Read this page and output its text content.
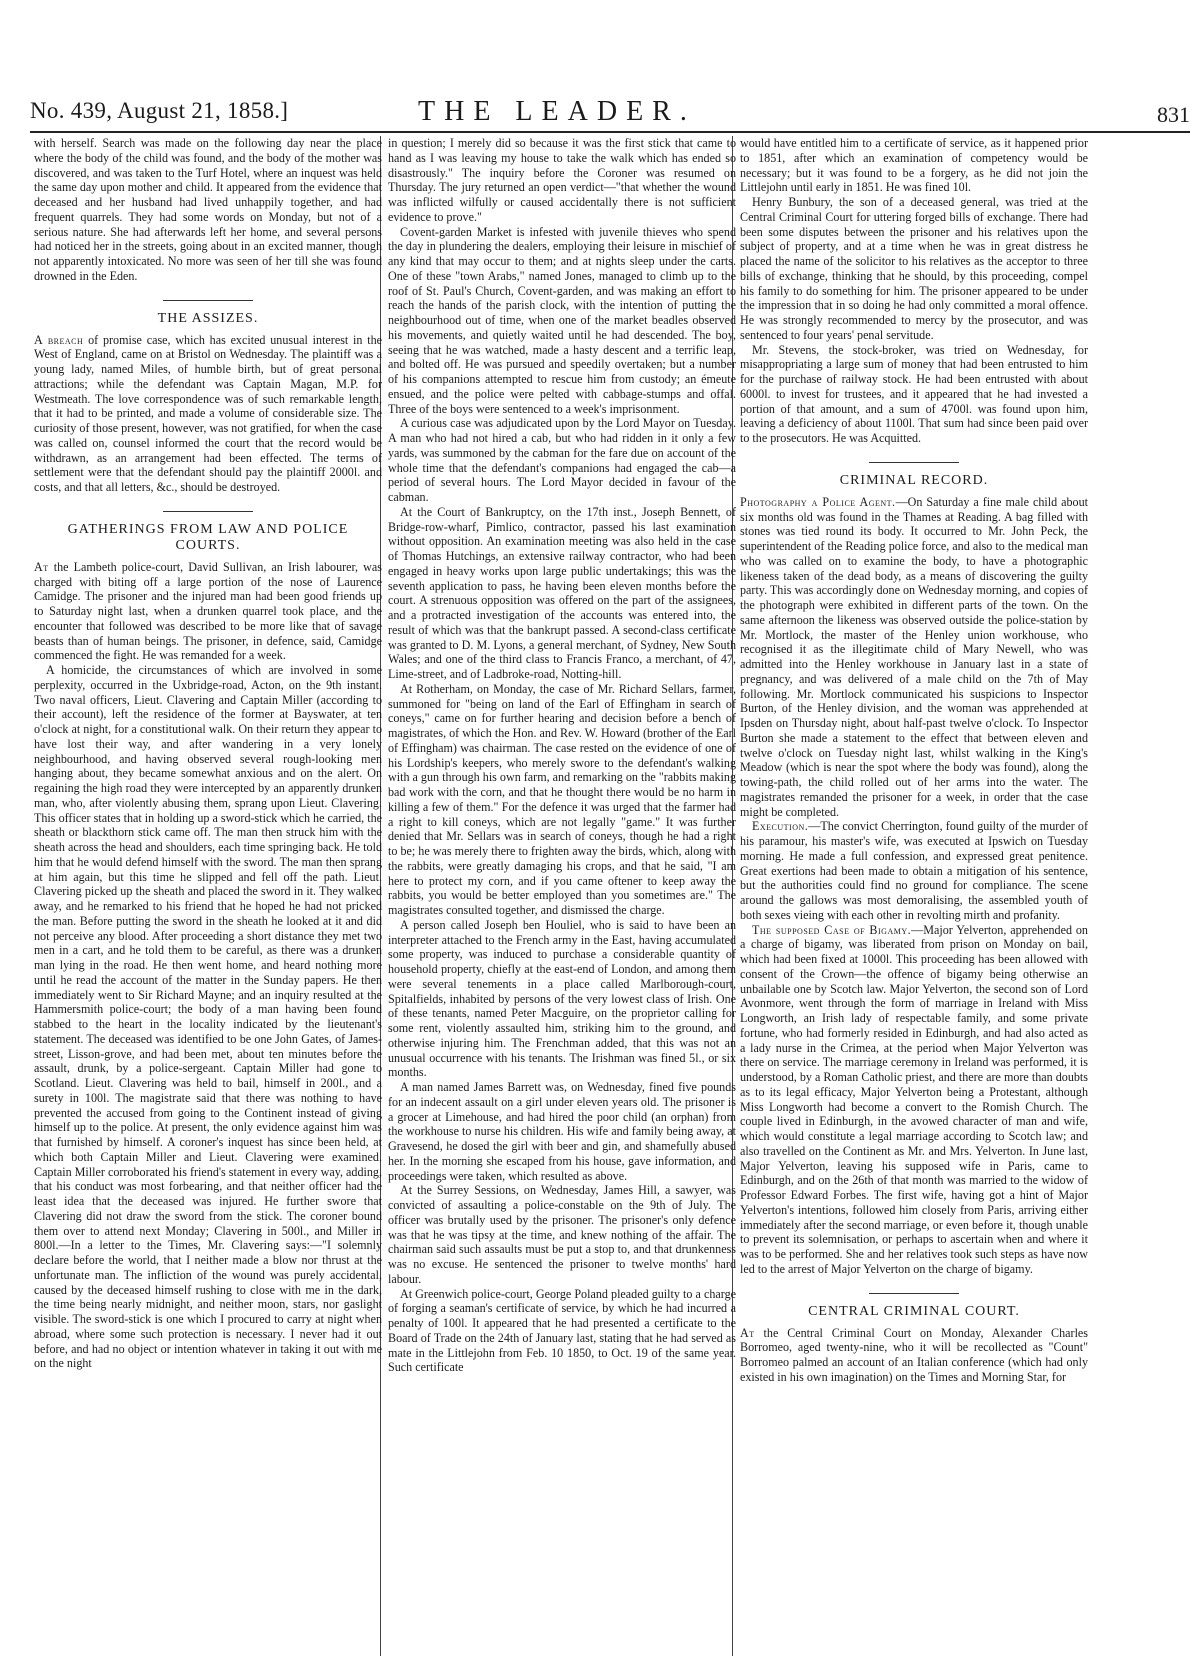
No. 439, August 21, 1858.]	THE LEADER.	831

with herself. Search was made on the following day near the place where the body of the child was found, and the body of the mother was discovered, and was taken to the Turf Hotel, where an inquest was held the same day upon mother and child. It appeared from the evidence that deceased and her husband had lived unhappily together, and had frequent quarrels. They had some words on Monday, but not of a serious nature. She had afterwards left her home, and several persons had noticed her in the streets, going about in an excited manner, though not apparently intoxicated. No more was seen of her till she was found drowned in the Eden.

THE ASSIZES.

A breach of promise case, which has excited unusual interest in the West of England, came on at Bristol on Wednesday. The plaintiff was a young lady, named Miles, of humble birth, but of great personal attractions; while the defendant was Captain Magan, M.P. for Westmeath. The love correspondence was of such remarkable length, that it had to be printed, and made a volume of considerable size. The curiosity of those present, however, was not gratified, for when the case was called on, counsel informed the court that the record would be withdrawn, as an arrangement had been effected. The terms of settlement were that the defendant should pay the plaintiff 2000l. and costs, and that all letters, &c., should be destroyed.

GATHERINGS FROM LAW AND POLICE COURTS.

At the Lambeth police-court, David Sullivan, an Irish labourer, was charged with biting off a large portion of the nose of Laurence Camidge. The prisoner and the injured man had been good friends up to Saturday night last, when a drunken quarrel took place, and the encounter that followed was described to be more like that of savage beasts than of human beings. The prisoner, in defence, said, Camidge commenced the fight. He was remanded for a week.

A homicide, the circumstances of which are involved in some perplexity, occurred in the Uxbridge-road, Acton, on the 9th instant. Two naval officers, Lieut. Clavering and Captain Miller (according to their account), left the residence of the former at Bayswater, at ten o'clock at night, for a constitutional walk. On their return they appear to have lost their way, and after wandering in a very lonely neighbourhood, and having observed several rough-looking men hanging about, they became somewhat anxious and on the alert. On regaining the high road they were intercepted by an apparently drunken man, who, after violently abusing them, sprang upon Lieut. Clavering. This officer states that in holding up a sword-stick which he carried, the sheath or blackthorn stick came off. The man then struck him with the sheath across the head and shoulders, each time springing back. He told him that he would defend himself with the sword. The man then sprang at him again, but this time he slipped and fell off the path. Lieut. Clavering picked up the sheath and placed the sword in it. They walked away, and he remarked to his friend that he hoped he had not pricked the man. Before putting the sword in the sheath he looked at it and did not perceive any blood. After proceeding a short distance they met two men in a cart, and he told them to be careful, as there was a drunken man lying in the road. He then went home, and heard nothing more until he read the account of the matter in the Sunday papers. He then immediately went to Sir Richard Mayne; and an inquiry resulted at the Hammersmith police-court; the body of a man having been found stabbed to the heart in the locality indicated by the lieutenant's statement. The deceased was identified to be one John Gates, of James-street, Lisson-grove, and had been met, about ten minutes before the assault, drunk, by a police-sergeant. Captain Miller had gone to Scotland. Lieut. Clavering was held to bail, himself in 200l., and a surety in 100l. The magistrate said that there was nothing to have prevented the accused from going to the Continent instead of giving himself up to the police. At present, the only evidence against him was that furnished by himself. A coroner's inquest has since been held, at which both Captain Miller and Lieut. Clavering were examined. Captain Miller corroborated his friend's statement in every way, adding, that his conduct was most forbearing, and that neither officer had the least idea that the deceased was injured. He further swore that Clavering did not draw the sword from the stick. The coroner bound them over to attend next Monday; Clavering in 500l., and Miller in 800l.—In a letter to the Times, Mr. Clavering says:—"I solemnly declare before the world, that I neither made a blow nor thrust at the unfortunate man. The infliction of the wound was purely accidental, caused by the deceased himself rushing to close with me in the dark, the time being nearly midnight, and neither moon, stars, nor gaslight visible. The sword-stick is one which I procured to carry at night when abroad, where some such protection is necessary. I never had it out before, and had no object or intention whatever in taking it out with me on the night

in question; I merely did so because it was the first stick that came to hand as I was leaving my house to take the walk which has ended so disastrously." The inquiry before the Coroner was resumed on Thursday. The jury returned an open verdict—"that whether the wound was inflicted wilfully or caused accidentally there is not sufficient evidence to prove."

Covent-garden Market is infested with juvenile thieves who spend the day in plundering the dealers, employing their leisure in mischief of any kind that may occur to them; and at nights sleep under the carts. One of these "town Arabs," named Jones, managed to climb up to the roof of St. Paul's Church, Covent-garden, and was making an effort to reach the hands of the parish clock, with the intention of putting the neighbourhood out of time, when one of the market beadles observed his movements, and quietly waited until he had descended. The boy, seeing that he was watched, made a hasty descent and a terrific leap, and bolted off. He was pursued and speedily overtaken; but a number of his companions attempted to rescue him from custody; an émeute ensued, and the police were pelted with cabbage-stumps and offal. Three of the boys were sentenced to a week's imprisonment.

A curious case was adjudicated upon by the Lord Mayor on Tuesday. A man who had not hired a cab, but who had ridden in it only a few yards, was summoned by the cabman for the fare due on account of the whole time that the defendant's companions had engaged the cab—a period of several hours. The Lord Mayor decided in favour of the cabman.

At the Court of Bankruptcy, on the 17th inst., Joseph Bennett, of Bridge-row-wharf, Pimlico, contractor, passed his last examination without opposition. An examination meeting was also held in the case of Thomas Hutchings, an extensive railway contractor, who had been engaged in heavy works upon large public undertakings; this was the seventh application to pass, he having been eleven months before the court. A strenuous opposition was offered on the part of the assignees, and a protracted investigation of the accounts was entered into, the result of which was that the bankrupt passed. A second-class certificate was granted to D. M. Lyons, a general merchant, of Sydney, New South Wales; and one of the third class to Francis Franco, a merchant, of 47, Lime-street, and of Ladbroke-road, Notting-hill.

At Rotherham, on Monday, the case of Mr. Richard Sellars, farmer, summoned for "being on land of the Earl of Effingham in search of coneys," came on for further hearing and decision before a bench of magistrates, of which the Hon. and Rev. W. Howard (brother of the Earl of Effingham) was chairman. The case rested on the evidence of one of his Lordship's keepers, who merely swore to the defendant's walking with a gun through his own farm, and remarking on the "rabbits making bad work with the corn, and that he thought there would be no harm in killing a few of them." For the defence it was urged that the farmer had a right to kill coneys, which are not legally "game." It was further denied that Mr. Sellars was in search of coneys, though he had a right to be; he was merely there to frighten away the birds, which, along with the rabbits, were greatly damaging his crops, and that he said, "I am here to protect my corn, and if you came oftener to keep away the rabbits, you would be better employed than you sometimes are." The magistrates consulted together, and dismissed the charge.

A person called Joseph ben Houliel, who is said to have been an interpreter attached to the French army in the East, having accumulated some property, was induced to purchase a considerable quantity of household property, chiefly at the east-end of London, and among them were several tenements in a place called Marlborough-court, Spitalfields, inhabited by persons of the very lowest class of Irish. One of these tenants, named Peter Macguire, on the proprietor calling for some rent, violently assaulted him, striking him to the ground, and otherwise injuring him. The Frenchman added, that this was not an unusual occurrence with his tenants. The Irishman was fined 5l., or six months.

A man named James Barrett was, on Wednesday, fined five pounds for an indecent assault on a girl under eleven years old. The prisoner is a grocer at Limehouse, and had hired the poor child (an orphan) from the workhouse to nurse his children. His wife and family being away, at Gravesend, he dosed the girl with beer and gin, and shamefully abused her. In the morning she escaped from his house, gave information, and proceedings were taken, which resulted as above.

At the Surrey Sessions, on Wednesday, James Hill, a sawyer, was convicted of assaulting a police-constable on the 9th of July. The officer was brutally used by the prisoner. The prisoner's only defence was that he was tipsy at the time, and knew nothing of the affair. The chairman said such assaults must be put a stop to, and that drunkenness was no excuse. He sentenced the prisoner to twelve months' hard labour.

At Greenwich police-court, George Poland pleaded guilty to a charge of forging a seaman's certificate of service, by which he had incurred a penalty of 100l. It appeared that he had presented a certificate to the Board of Trade on the 24th of January last, stating that he had served as mate in the Littlejohn from Feb. 10 1850, to Oct. 19 of the same year. Such certificate

would have entitled him to a certificate of service, as it happened prior to 1851, after which an examination of competency would be necessary; but it was found to be a forgery, as he did not join the Littlejohn until early in 1851. He was fined 10l.

Henry Bunbury, the son of a deceased general, was tried at the Central Criminal Court for uttering forged bills of exchange. There had been some disputes between the prisoner and his relatives upon the subject of property, and at a time when he was in great distress he placed the name of the solicitor to his relatives as the acceptor to three bills of exchange, thinking that he should, by this proceeding, compel his family to do something for him. The prisoner appeared to be under the impression that in so doing he had only committed a moral offence. He was strongly recommended to mercy by the prosecutor, and was sentenced to four years' penal servitude.

Mr. Stevens, the stock-broker, was tried on Wednesday, for misappropriating a large sum of money that had been entrusted to him for the purchase of railway stock. He had been entrusted with about 6000l. to invest for trustees, and it appeared that he had invested a portion of that amount, and a sum of 4700l. was found upon him, leaving a deficiency of about 1100l. That sum had since been paid over to the prosecutors. He was Acquitted.

CRIMINAL RECORD.

Photography a Police Agent.—On Saturday a fine male child about six months old was found in the Thames at Reading. A bag filled with stones was tied round its body. It occurred to Mr. John Peck, the superintendent of the Reading police force, and also to the medical man who was called on to examine the body, to have a photographic likeness taken of the dead body, as a means of discovering the guilty party. This was accordingly done on Wednesday morning, and copies of the photograph were exhibited in different parts of the town. On the same afternoon the likeness was observed outside the police-station by Mr. Mortlock, the master of the Henley union workhouse, who recognised it as the illegitimate child of Mary Newell, who was admitted into the Henley workhouse in January last in a state of pregnancy, and was delivered of a male child on the 7th of May following. Mr. Mortlock communicated his suspicions to Inspector Burton, of the Henley division, and the woman was apprehended at Ipsden on Thursday night, about half-past twelve o'clock. To Inspector Burton she made a statement to the effect that between eleven and twelve o'clock on Tuesday night last, whilst walking in the King's Meadow (which is near the spot where the body was found), along the towing-path, the child rolled out of her arms into the water. The magistrates remanded the prisoner for a week, in order that the case might be completed.

Execution.—The convict Cherrington, found guilty of the murder of his paramour, his master's wife, was executed at Ipswich on Tuesday morning. He made a full confession, and expressed great penitence. Great exertions had been made to obtain a mitigation of his sentence, but the authorities could find no ground for compliance. The scene around the gallows was most demoralising, the assembled youth of both sexes vieing with each other in revolting mirth and profanity.

The supposed Case of Bigamy.—Major Yelverton, apprehended on a charge of bigamy, was liberated from prison on Monday on bail, which had been fixed at 1000l. This proceeding has been allowed with consent of the Crown—the offence of bigamy being otherwise an unbailable one by Scotch law. Major Yelverton, the second son of Lord Avonmore, went through the form of marriage in Ireland with Miss Longworth, an Irish lady of respectable family, and some private fortune, who had formerly resided in Edinburgh, and had also acted as a lady nurse in the Crimea, at the period when Major Yelverton was there on service. The marriage ceremony in Ireland was performed, it is understood, by a Roman Catholic priest, and there are more than doubts as to its legal efficacy, Major Yelverton being a Protestant, although Miss Longworth had become a convert to the Romish Church. The couple lived in Edinburgh, in the avowed character of man and wife, which would constitute a legal marriage according to Scotch law; and also travelled on the Continent as Mr. and Mrs. Yelverton. In June last, Major Yelverton, leaving his supposed wife in Paris, came to Edinburgh, and on the 26th of that month was married to the widow of Professor Edward Forbes. The first wife, having got a hint of Major Yelverton's intentions, followed him closely from Paris, arriving either immediately after the second marriage, or even before it, though unable to prevent its solemnisation, or perhaps to ascertain when and where it was to be performed. She and her relatives took such steps as have now led to the arrest of Major Yelverton on the charge of bigamy.

CENTRAL CRIMINAL COURT.

At the Central Criminal Court on Monday, Alexander Charles Borromeo, aged twenty-nine, who it will be recollected as "Count" Borromeo palmed an account of an Italian conference (which had only existed in his own imagination) on the Times and Morning Star, for
